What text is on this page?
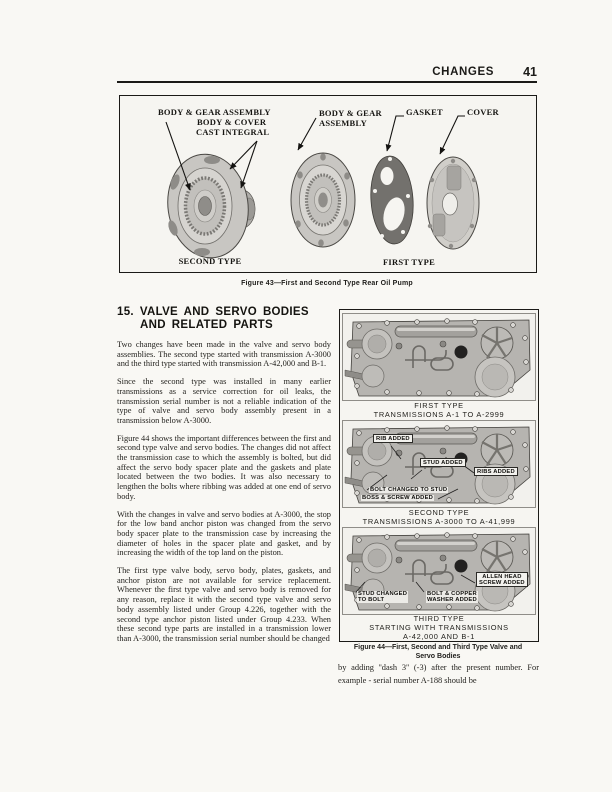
CHANGES	41
BODY & GEAR ASSEMBLY
BODY & COVER
CAST INTEGRAL
BODY & GEAR
ASSEMBLY
GASKET	COVER
SECOND TYPE	FIRST TYPE
Figure 43—First and Second Type Rear Oil Pump
15. VALVE AND SERVO BODIES
AND RELATED PARTS

Two changes have been made in the valve and servo body assemblies. The second type started with transmission A-3000 and the third type started with transmission A-42,000 and B-1.

Since the second type was installed in many earlier transmissions as a service correction for oil leaks, the transmission serial number is not a reliable indication of the type of valve and servo body assembly present in a transmission below A-3000.

Figure 44 shows the important differences between the first and second type valve and servo bodies. The changes did not affect the transmission case to which the assembly is bolted, but did affect the servo body spacer plate and the gaskets and plate located between the two bodies. It was also necessary to lengthen the bolts where ribbing was added at one end of servo body.

With the changes in valve and servo bodies at A-3000, the stop for the low band anchor piston was changed from the servo body spacer plate to the transmission case by increasing the diameter of holes in the spacer plate and gasket, and by increasing the width of the top land on the piston.

The first type valve body, servo body, plates, gaskets, and anchor piston are not available for service replacement. Whenever the first type valve and servo body is removed for any reason, replace it with the second type valve and servo body assembly listed under Group 4.226, together with the second type anchor piston listed under Group 4.233. When these second type parts are installed in a transmission lower than A-3000, the transmission serial number should be changed

FIRST TYPE
TRANSMISSIONS A-1 TO A-2999
RIB ADDED
STUD ADDED
RIBS ADDED
BOLT CHANGED TO STUD
BOSS & SCREW ADDED
SECOND TYPE
TRANSMISSIONS A-3000 TO A-41,999
ALLEN HEAD
SCREW ADDED
STUD CHANGED
TO BOLT
BOLT & COPPER
WASHER ADDED
THIRD TYPE
STARTING WITH TRANSMISSIONS
A-42,000 AND B-1
Figure 44—First, Second and Third Type Valve and
Servo Bodies
by adding ''dash 3'' (-3) after the present number. For example - serial number A-188 should be
